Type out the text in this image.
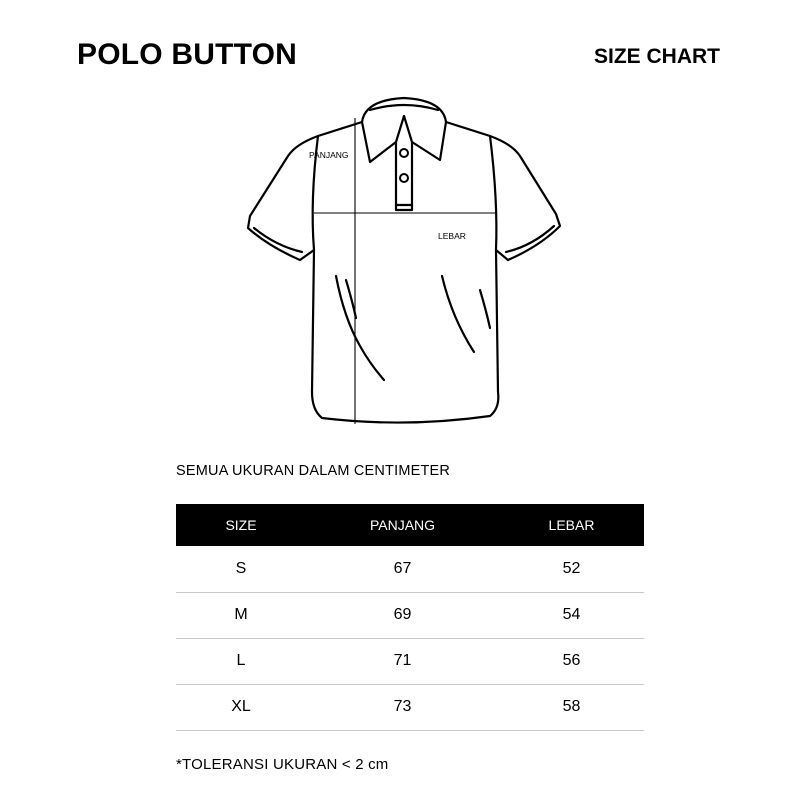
POLO BUTTON	SIZE CHART
PANJANG
LEBAR
SEMUA UKURAN DALAM CENTIMETER
SIZE	PANJANG	LEBAR
S	67	52
M	69	54
L	71	56
XL	73	58
*TOLERANSI UKURAN < 2 cm
